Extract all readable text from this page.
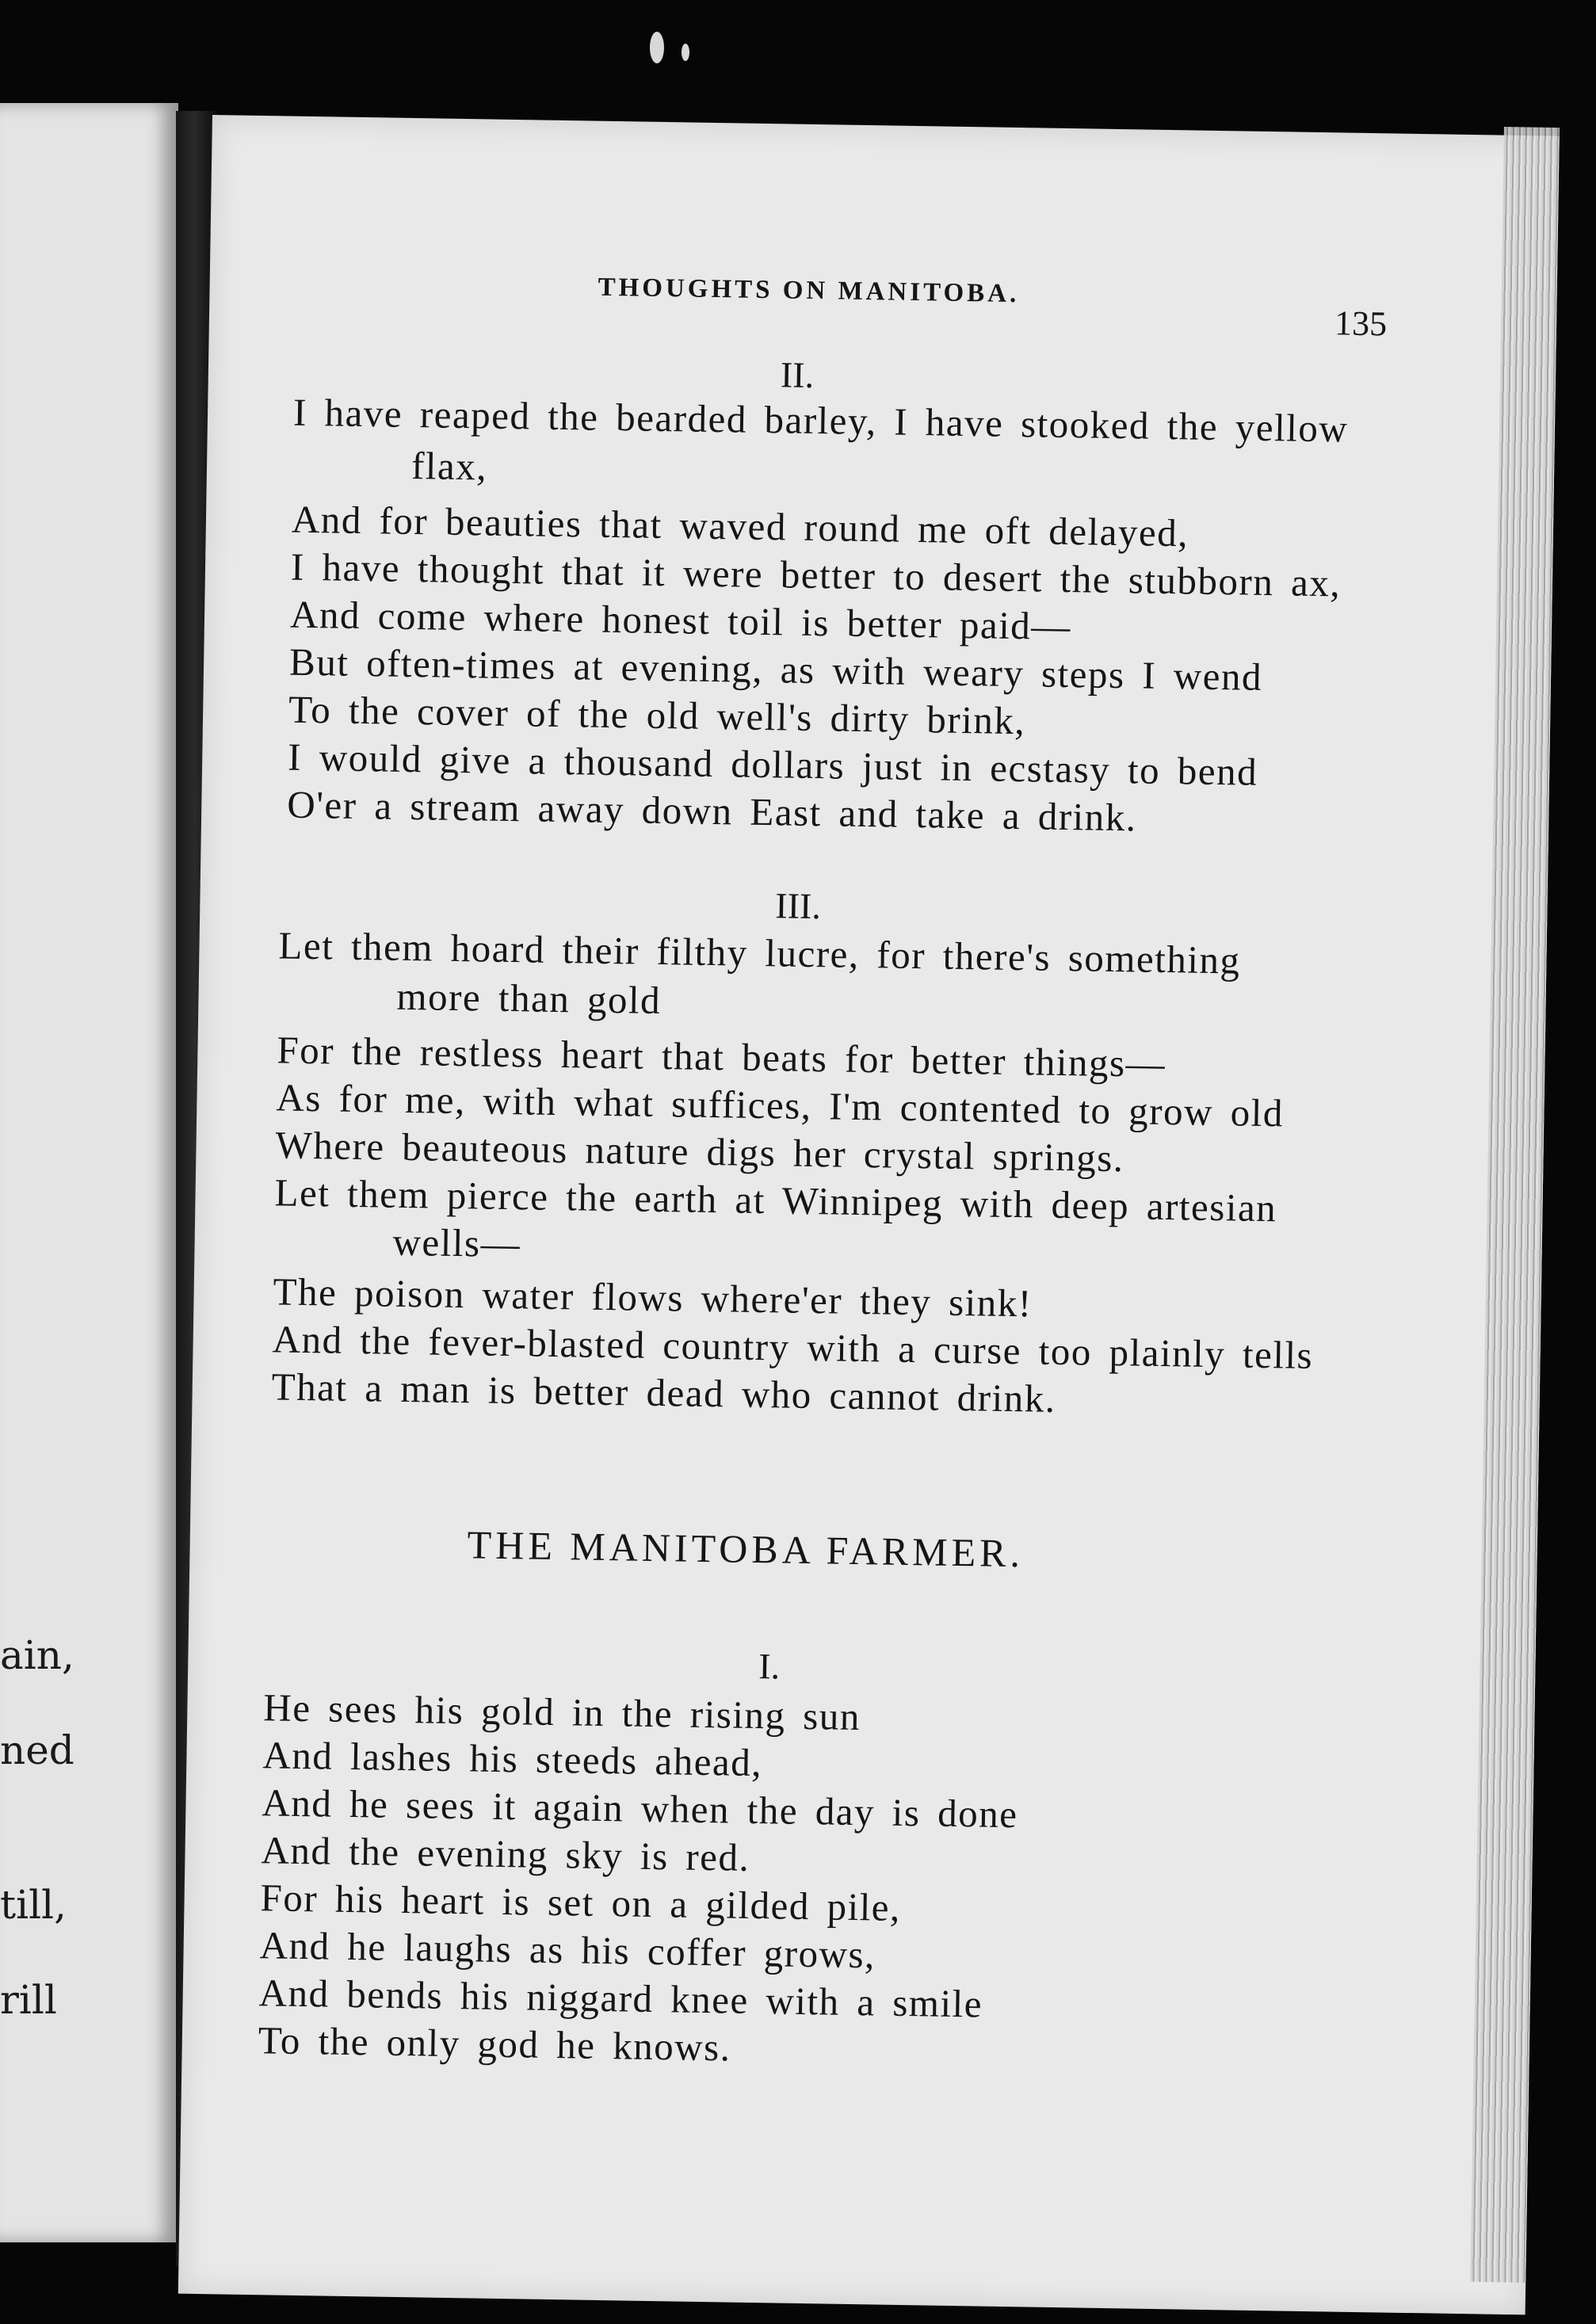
ain,
ned
till,
rill
THOUGHTS ON MANITOBA.
135
II.
I have reaped the bearded barley, I have stooked the yellow
flax,
And for beauties that waved round me oft delayed,
I have thought that it were better to desert the stubborn ax,
And come where honest toil is better paid—
But often-times at evening, as with weary steps I wend
To the cover of the old well's dirty brink,
I would give a thousand dollars just in ecstasy to bend
O'er a stream away down East and take a drink.
III.
Let them hoard their filthy lucre, for there's something
more than gold
For the restless heart that beats for better things—
As for me, with what suffices, I'm contented to grow old
Where beauteous nature digs her crystal springs.
Let them pierce the earth at Winnipeg with deep artesian
wells—
The poison water flows where'er they sink!
And the fever-blasted country with a curse too plainly tells
That a man is better dead who cannot drink.
THE MANITOBA FARMER.
I.
He sees his gold in the rising sun
And lashes his steeds ahead,
And he sees it again when the day is done
And the evening sky is red.
For his heart is set on a gilded pile,
And he laughs as his coffer grows,
And bends his niggard knee with a smile
To the only god he knows.
